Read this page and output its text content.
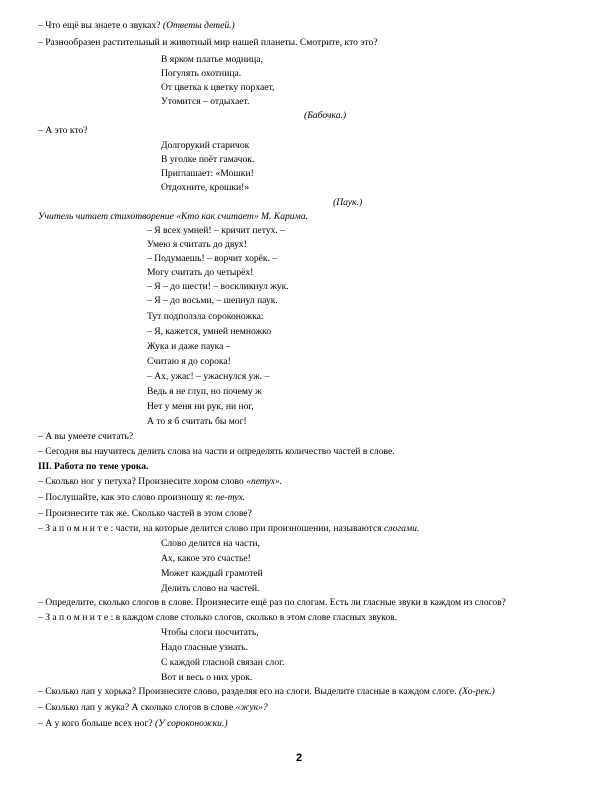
– Что ещё вы знаете о звуках? (Ответы детей.)
– Разнообразен растительный и животный мир нашей планеты. Смотрите, кто это?
В ярком платье модница,
Погулять охотница.
От цветка к цветку порхает,
Утомится – отдыхает.
(Бабочка.)
– А это кто?
Долгорукий старичок
В уголке поёт гамачок.
Приглашает: «Мошки!
Отдохните, крошки!»
(Паук.)
Учитель читает стихотворение «Кто как считает» М. Карима.
– Я всех умней! – кричит петух. –
Умею я считать до двух!
– Подумаешь! – ворчит хорёк. –
Могу считать до четырёх!
– Я – до шести! – воскликнул жук.
– Я – до восьми, – шепнул паук.
Тут подползла сороконожка:
– Я, кажется, умней немножко
Жука и даже паука –
Считаю я до сорока!
– Ах, ужас! – ужаснулся уж. –
Ведь я не глуп, но почему ж
Нет у меня ни рук, ни ног,
А то я б считать бы мог!
– А вы умеете считать?
– Сегодня вы научитесь делить слова на части и определять количество частей в слове.
III. Работа по теме урока.
– Сколько ног у петуха? Произнесите хором слово «петух».
– Послушайте, как это слово произношу я: пе-тух.
– Произнесите так же. Сколько частей в этом слове?
– З а п о м н и т е : части, на которые делится слово при произношении, называются слогами.
Слово делится на части,
Ах, какое это счастье!
Может каждый грамотей
Делить слово на частей.
– Определите, сколько слогов в слове. Произнесите ещё раз по слогам. Есть ли гласные звуки в каждом из слогов?
– З а п о м н и т е : в каждом слове столько слогов, сколько в этом слове гласных звуков.
Чтобы слоги посчитать,
Надо гласные узнать.
С каждой гласной связан слог.
Вот и весь о них урок.
– Сколько лап у хорька? Произнесите слово, разделяя его на слоги. Выделите гласные в каждом слоге. (Хо-рек.)
– Сколько лап у жука? А сколько слогов в слове «жук»?
– А у кого больше всех ног? (У сороконожки.)
2
